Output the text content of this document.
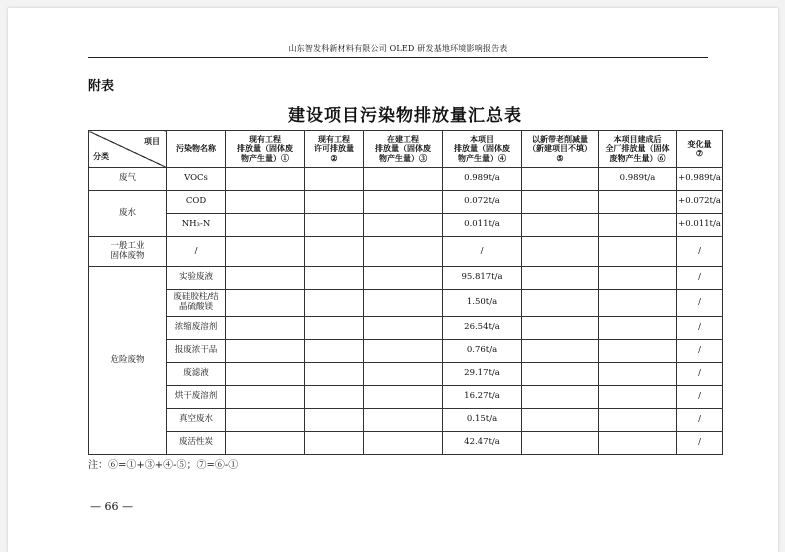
山东智发科新材料有限公司 OLED 研发基地环境影响报告表
附表
建设项目污染物排放量汇总表
项目
分类	污染物名称	现有工程
排放量（固体废
物产生量）①	现有工程
许可排放量
②	在建工程
排放量（固体废
物产生量）③	本项目
排放量（固体废
物产生量）④	以新带老削减量
（新建项目不填）
⑤	本项目建成后
全厂排放量（固体
废物产生量）⑥	变化量
⑦
废气	VOCs				0.989t/a		0.989t/a	+0.989t/a
废水	COD				0.072t/a			+0.072t/a
	NH₃-N				0.011t/a			+0.011t/a
一般工业
固体废物	/				/			/
危险废物	实验废液				95.817t/a			/
	废硅胶柱/结
晶硫酸镁				1.50t/a			/
	浓缩废溶剂				26.54t/a			/
	报废浓干品				0.76t/a			/
	废滤液				29.17t/a			/
	烘干废溶剂				16.27t/a			/
	真空废水				0.15t/a			/
	废活性炭				42.47t/a			/
注：⑥=①+③+④-⑤；⑦=⑥-①
— 66 —
